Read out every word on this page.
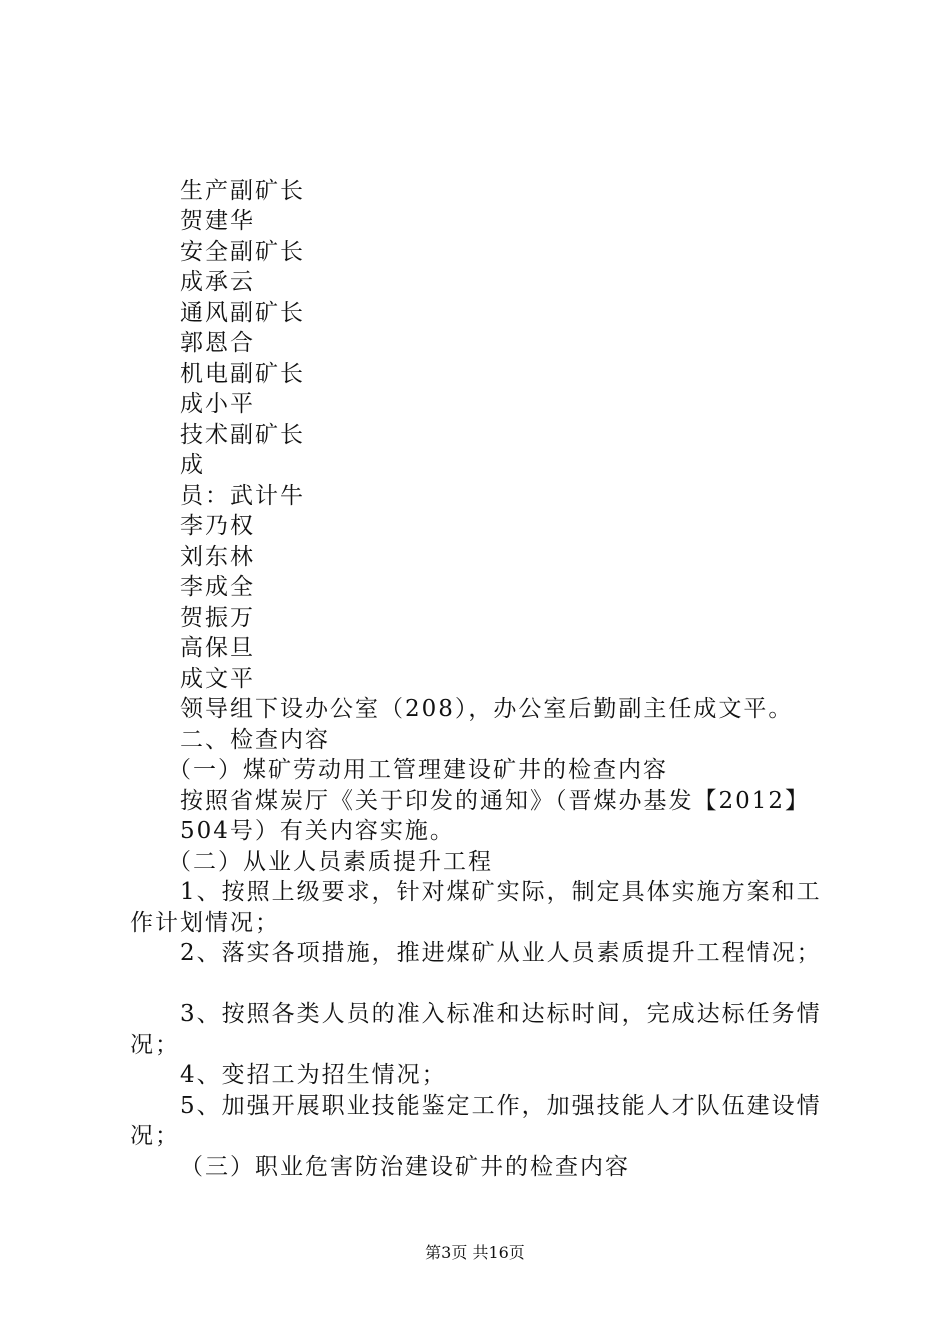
生产副矿长
贺建华
安全副矿长
成承云
通风副矿长
郭恩合
机电副矿长
成小平
技术副矿长
成
员：武计牛
李乃权
刘东林
李成全
贺振万
高保旦
成文平
领导组下设办公室（208），办公室后勤副主任成文平。
二、检查内容
（一）煤矿劳动用工管理建设矿井的检查内容
按照省煤炭厅《关于印发的通知》（晋煤办基发【2012】
504号）有关内容实施。
（二）从业人员素质提升工程
1、按照上级要求，针对煤矿实际，制定具体实施方案和工
作计划情况；
2、落实各项措施，推进煤矿从业人员素质提升工程情况；
3、按照各类人员的准入标准和达标时间，完成达标任务情
况；
4、变招工为招生情况；
5、加强开展职业技能鉴定工作，加强技能人才队伍建设情
况；
（三）职业危害防治建设矿井的检查内容
第3页 共16页
